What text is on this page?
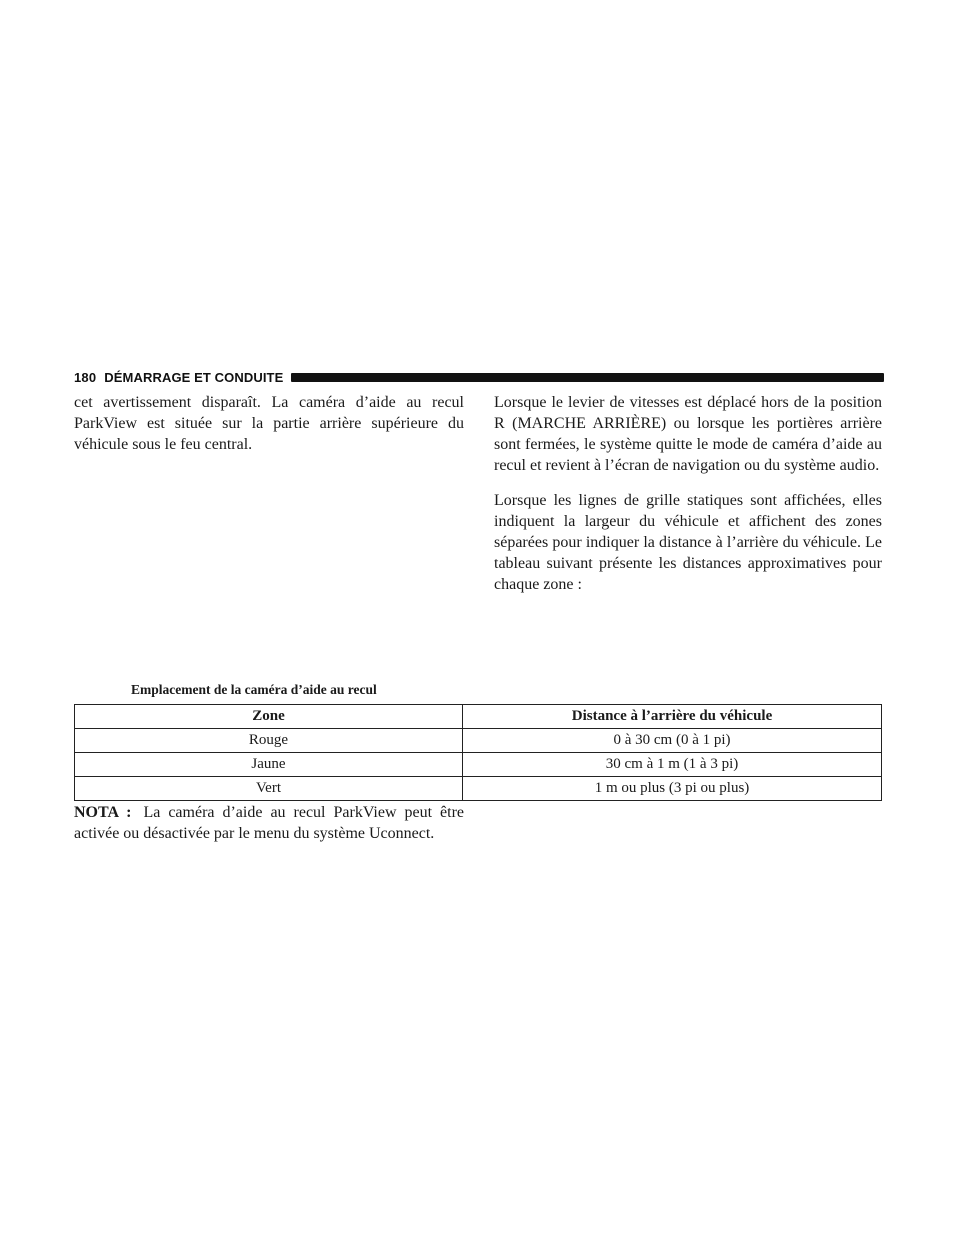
180 DÉMARRAGE ET CONDUITE

cet avertissement disparaît. La caméra d’aide au recul ParkView est située sur la partie arrière supérieure du véhicule sous le feu central.

Lorsque le levier de vitesses est déplacé hors de la position R (MARCHE ARRIÈRE) ou lorsque les portières arrière sont fermées, le système quitte le mode de caméra d’aide au recul et revient à l’écran de navigation ou du système audio.

Lorsque les lignes de grille statiques sont affichées, elles indiquent la largeur du véhicule et affichent des zones séparées pour indiquer la distance à l’arrière du véhicule. Le tableau suivant présente les distances approximatives pour chaque zone :

Emplacement de la caméra d’aide au recul
Zone	Distance à l’arrière du véhicule
Rouge	0 à 30 cm (0 à 1 pi)
Jaune	30 cm à 1 m (1 à 3 pi)
Vert	1 m ou plus (3 pi ou plus)
NOTA : La caméra d’aide au recul ParkView peut être activée ou désactivée par le menu du système Uconnect.
